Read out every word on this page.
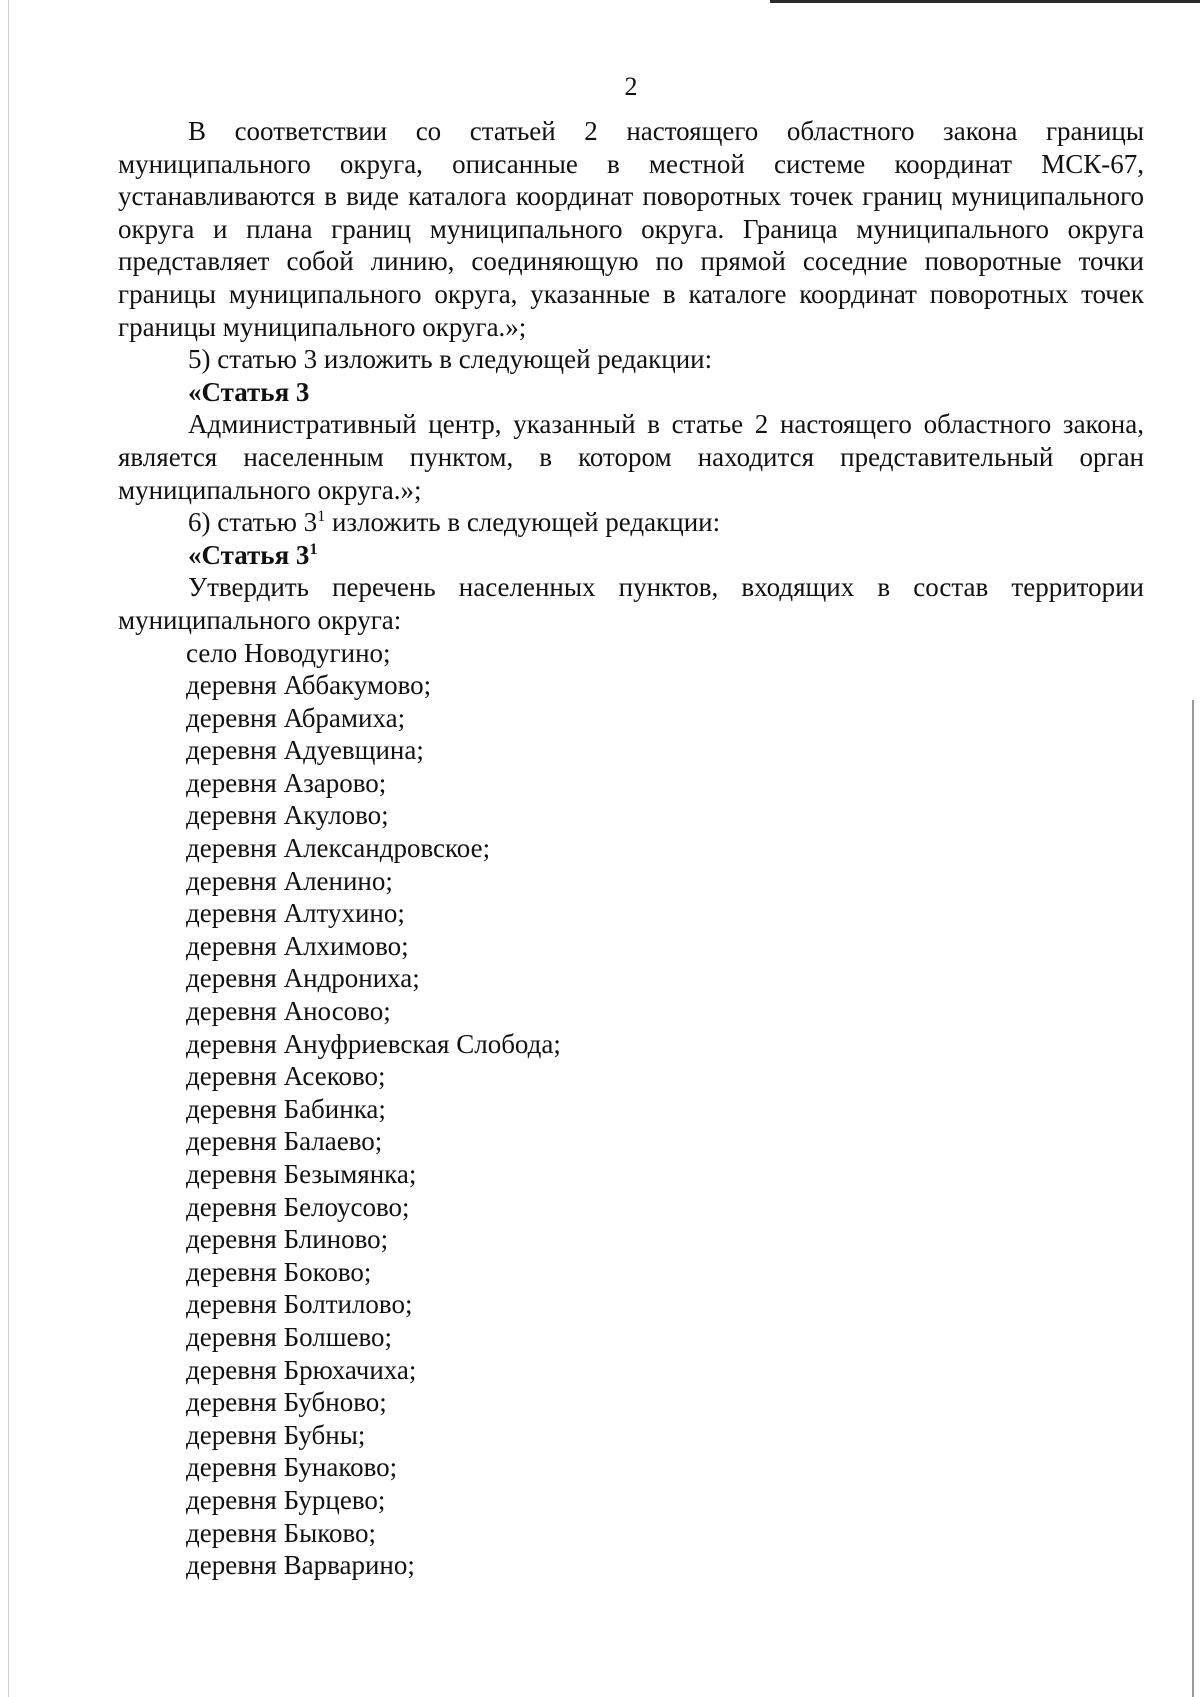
2

В соответствии со статьей 2 настоящего областного закона границы муниципального округа, описанные в местной системе координат МСК-67, устанавливаются в виде каталога координат поворотных точек границ муниципального округа и плана границ муниципального округа. Граница муниципального округа представляет собой линию, соединяющую по прямой соседние поворотные точки границы муниципального округа, указанные в каталоге координат поворотных точек границы муниципального округа.»;

5) статью 3 изложить в следующей редакции:

«Статья 3

Административный центр, указанный в статье 2 настоящего областного закона, является населенным пунктом, в котором находится представительный орган муниципального округа.»;

6) статью $3^1$ изложить в следующей редакции:

«Статья $3^1$

Утвердить перечень населенных пунктов, входящих в состав территории муниципального округа:

село Новодугино;
деревня Аббакумово;
деревня Абрамиха;
деревня Адуевщина;
деревня Азарово;
деревня Акулово;
деревня Александровское;
деревня Аленино;
деревня Алтухино;
деревня Алхимово;
деревня Андрониха;
деревня Аносово;
деревня Ануфриевская Слобода;
деревня Асеково;
деревня Бабинка;
деревня Балаево;
деревня Безымянка;
деревня Белоусово;
деревня Блиново;
деревня Боково;
деревня Болтилово;
деревня Болшево;
деревня Брюхачиха;
деревня Бубново;
деревня Бубны;
деревня Бунаково;
деревня Бурцево;
деревня Быково;
деревня Варварино;
